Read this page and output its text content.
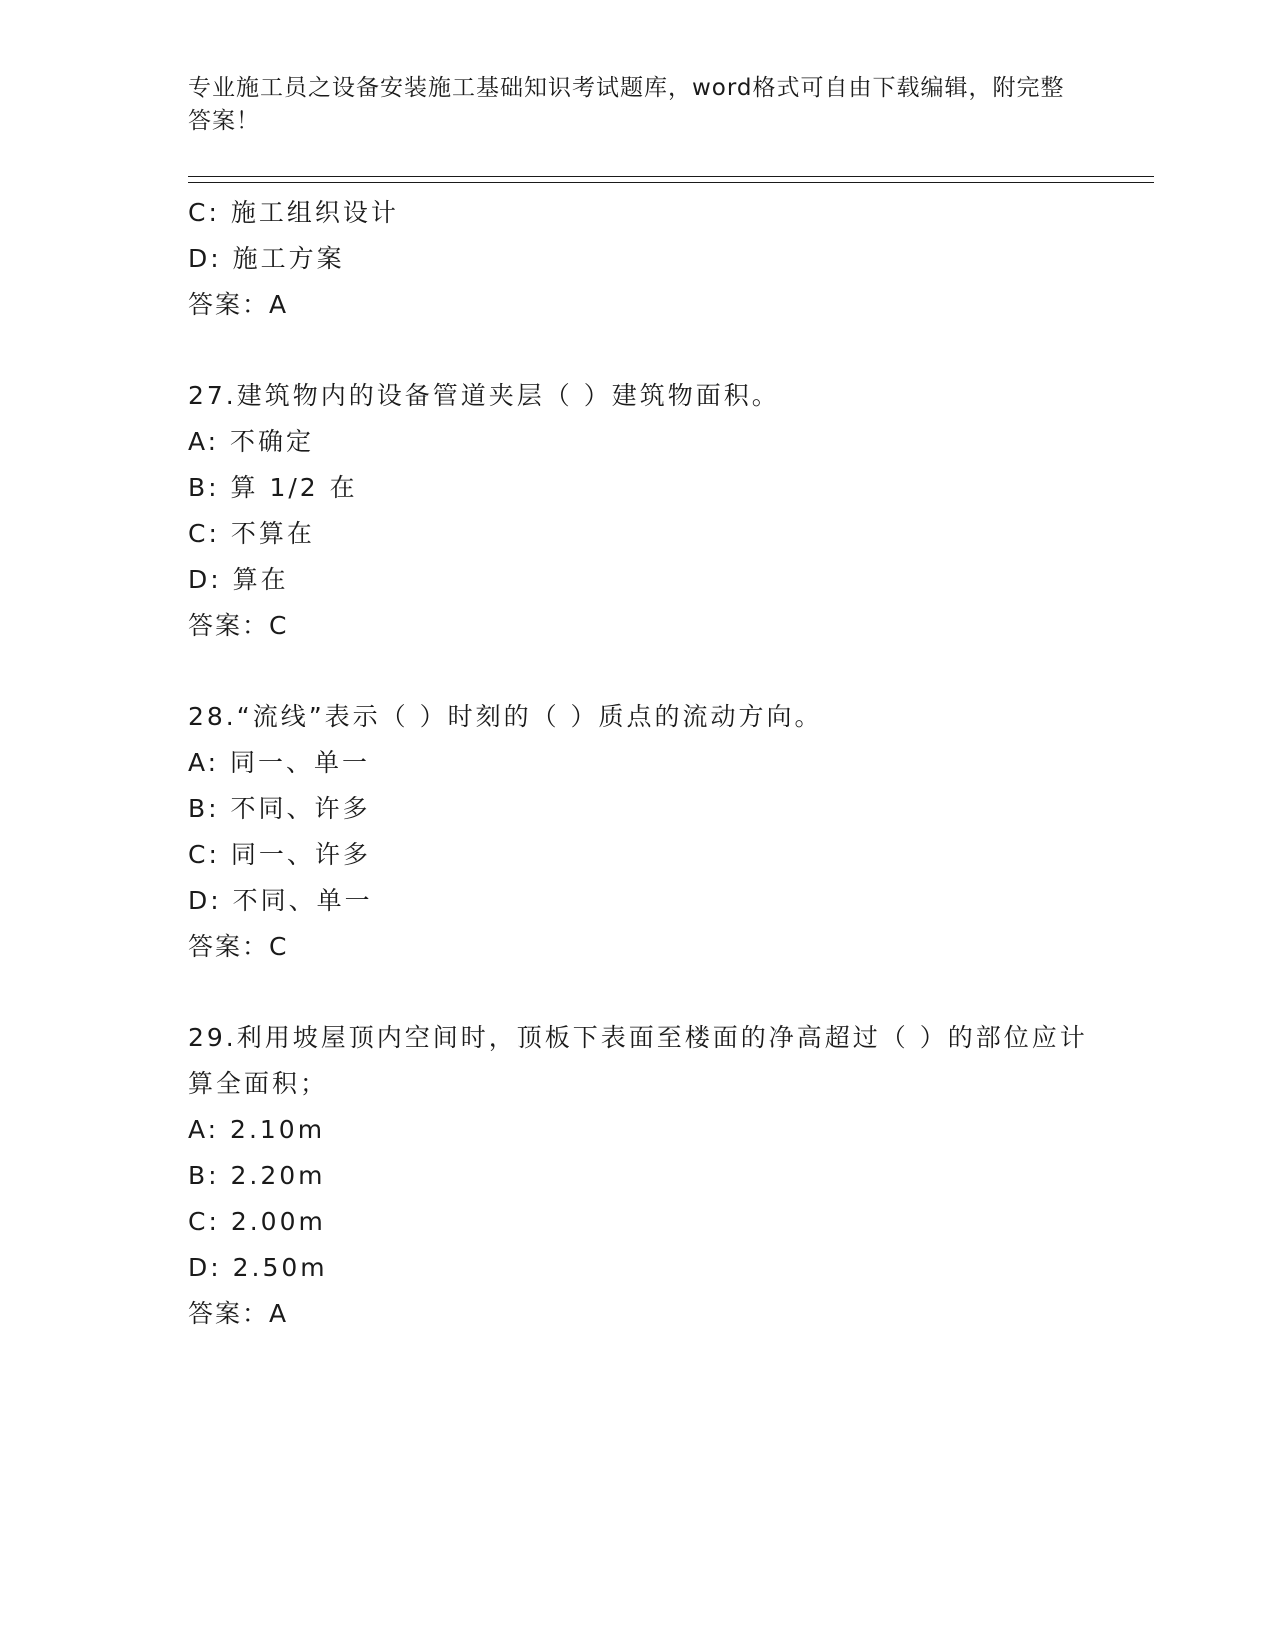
专业施工员之设备安装施工基础知识考试题库，word格式可自由下载编辑，附完整答案！
C: 施工组织设计
D: 施工方案
答案：A
27.建筑物内的设备管道夹层（ ）建筑物面积。
A: 不确定
B: 算 1/2 在
C: 不算在
D: 算在
答案：C
28.“流线”表示（ ）时刻的（ ）质点的流动方向。
A: 同一、单一
B: 不同、许多
C: 同一、许多
D: 不同、单一
答案：C
29.利用坡屋顶内空间时，顶板下表面至楼面的净高超过（ ）的部位应计算全面积；
A: 2.10m
B: 2.20m
C: 2.00m
D: 2.50m
答案：A
